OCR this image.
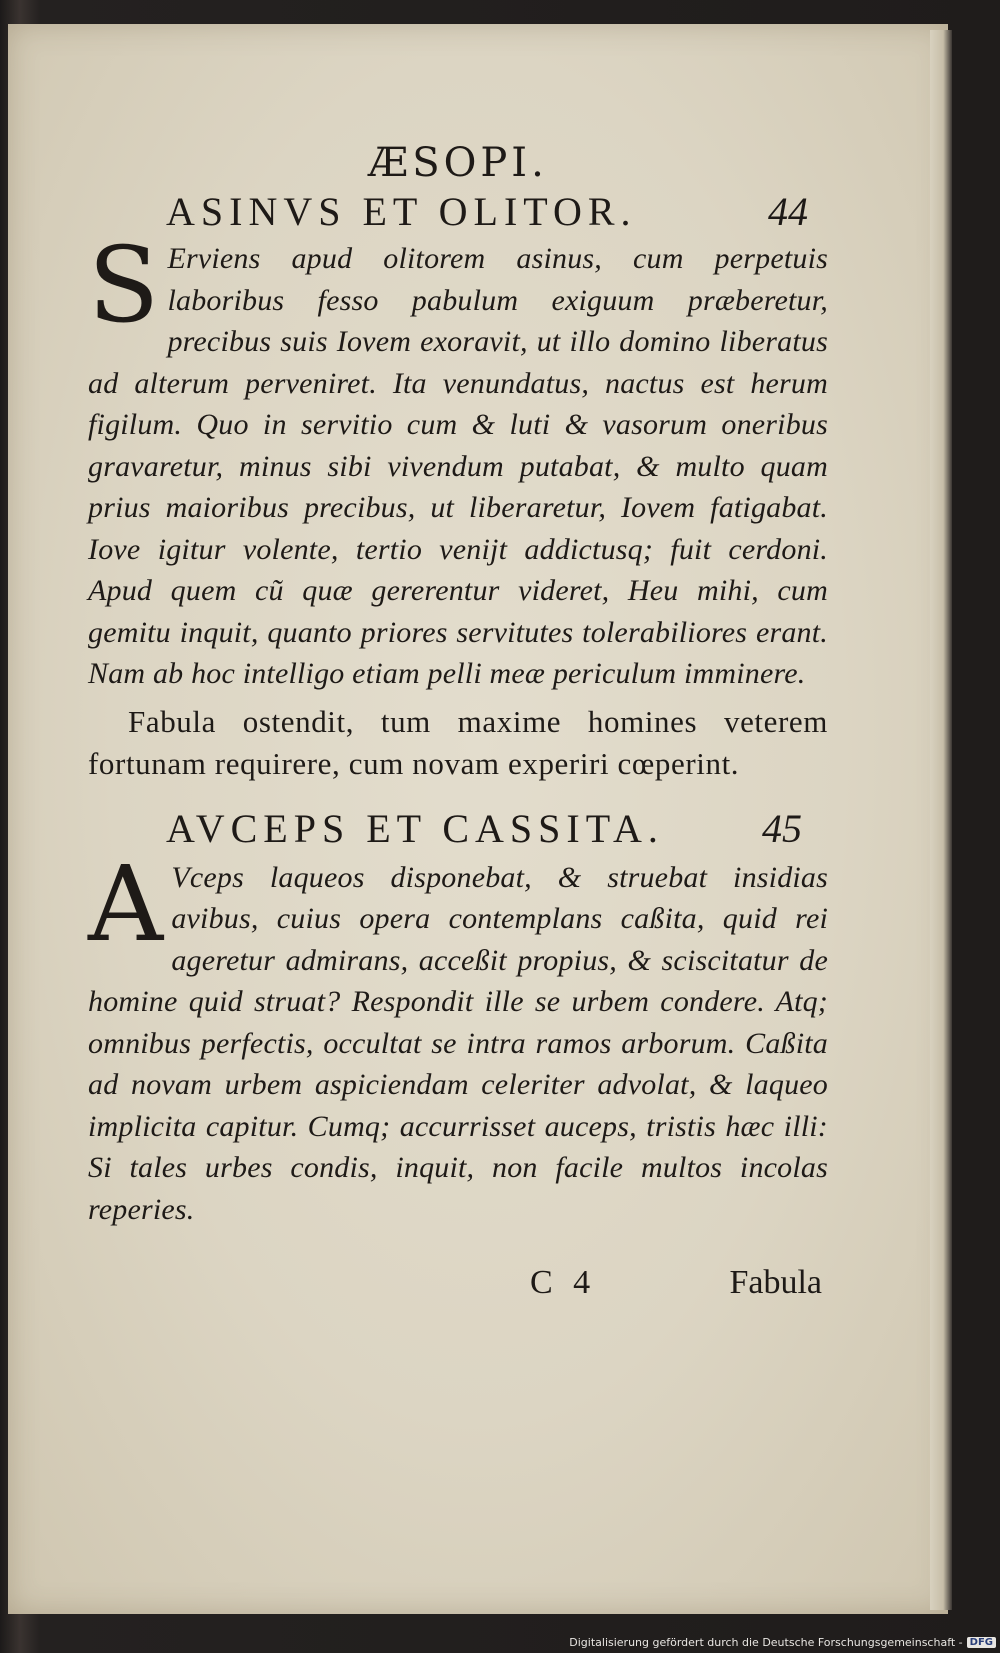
ÆSOPI.
ASINVS ET OLITOR.	44

S Erviens apud olitorem asinus, cum perpetuis laboribus fesso pabulum exiguum præberetur, precibus suis Iovem exoravit, ut illo domino liberatus ad alterum perveniret. Ita venundatus, nactus est herum figilum. Quo in servitio cum & luti & vasorum oneribus gravaretur, minus sibi vivendum putabat, & multo quam prius maioribus precibus, ut liberaretur, Iovem fatigabat. Iove igitur volente, tertio venijt addictusq; fuit cerdoni. Apud quem cũ quæ gererentur videret, Heu mihi, cum gemitu inquit, quanto priores servitutes tolerabiliores erant. Nam ab hoc intelligo etiam pelli meæ periculum imminere.

Fabula ostendit, tum maxime homines veterem fortunam requirere, cum novam experiri cœperint.

AVCEPS ET CASSITA. 45

A Vceps laqueos disponebat, & struebat insidias avibus, cuius opera contemplans caßita, quid rei ageretur admirans, acceßit propius, & sciscitatur de homine quid struat? Respondit ille se urbem condere. Atq; omnibus perfectis, occultat se intra ramos arborum. Caßita ad novam urbem aspiciendam celeriter advolat, & laqueo implicita capitur. Cumq; accurrisset auceps, tristis hæc illi: Si tales urbes condis, inquit, non facile multos incolas reperies.

C 4	Fabula
Digitalisierung gefördert durch die Deutsche Forschungsgemeinschaft - DFG
